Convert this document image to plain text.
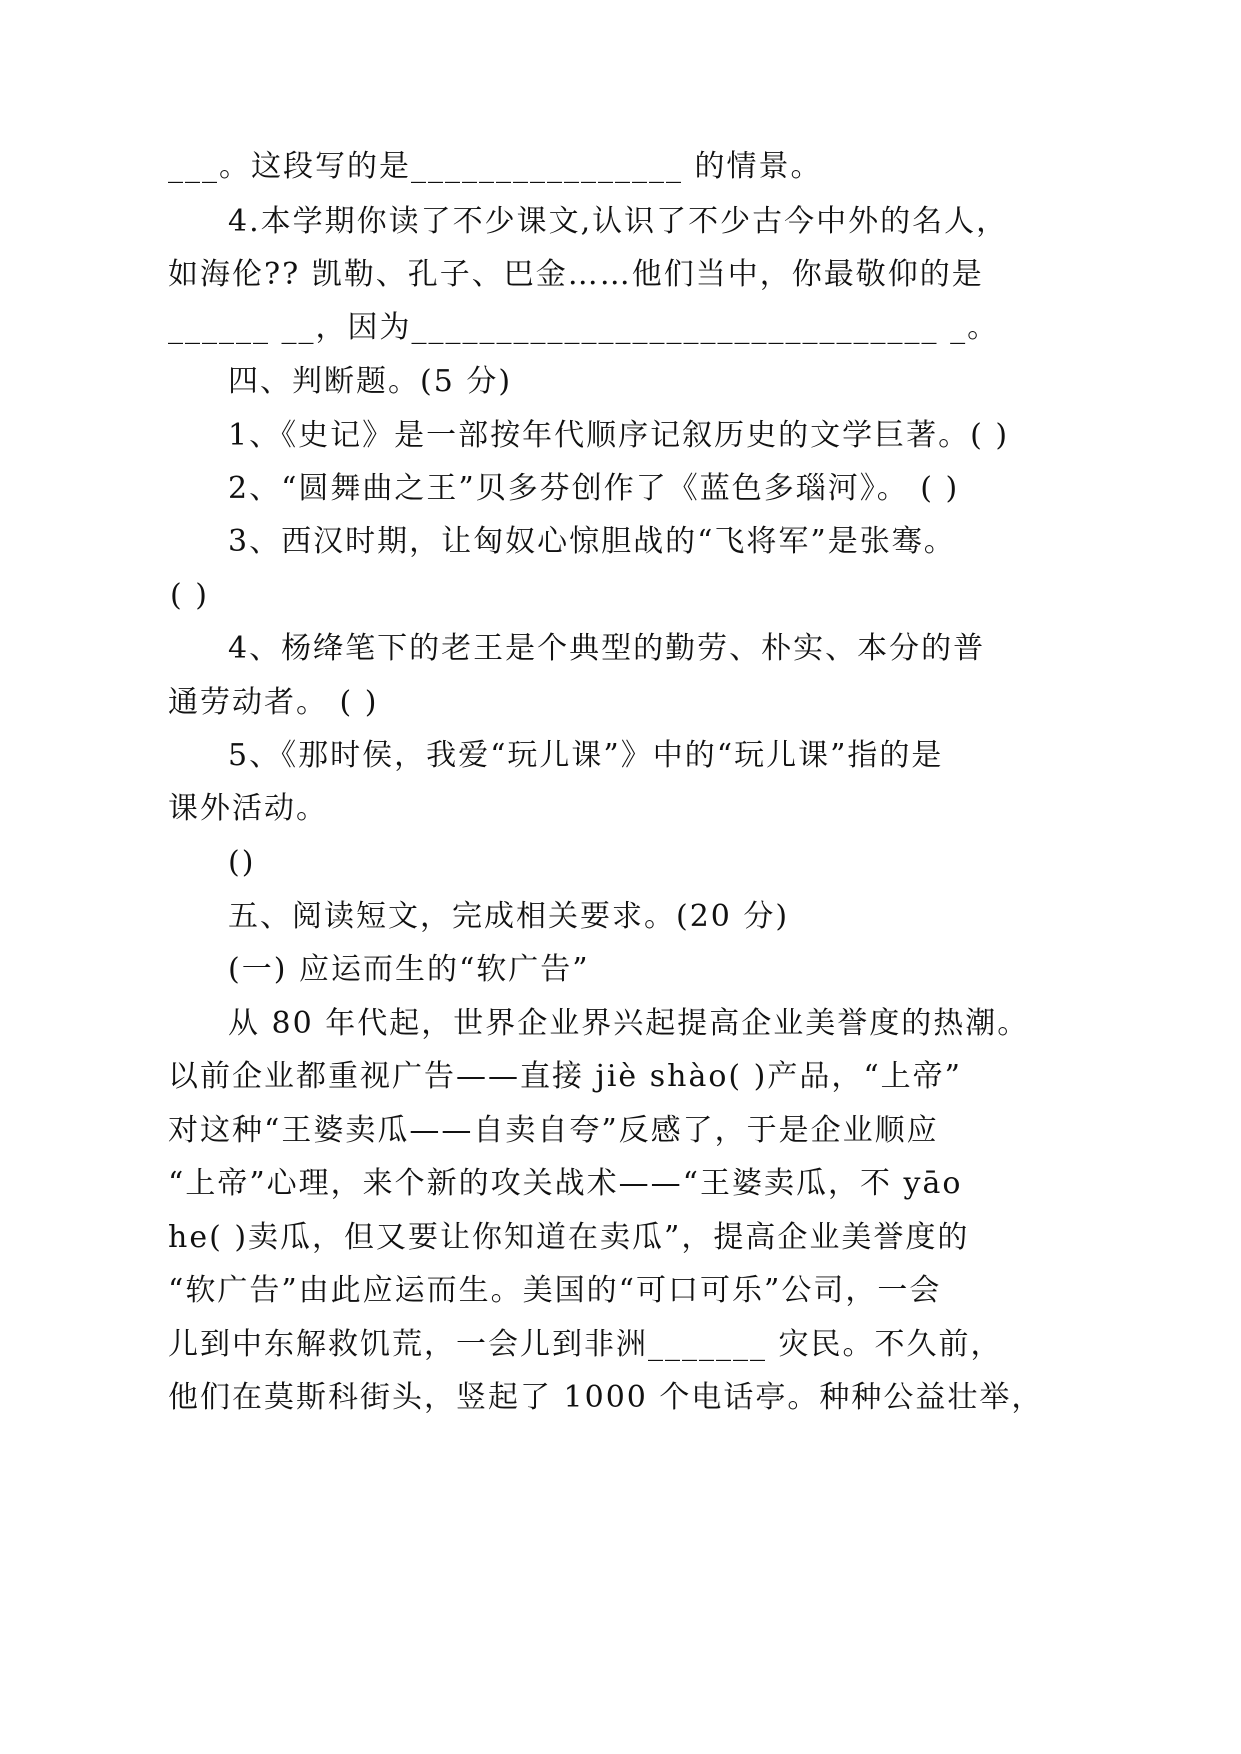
___。这段写的是________________ 的情景。
4.本学期你读了不少课文,认识了不少古今中外的名人，
如海伦?? 凯勒、孔子、巴金……他们当中，你最敬仰的是
______ __，因为_______________________________ _。
四、判断题。(5 分)
1、《史记》是一部按年代顺序记叙历史的文学巨著。( )
2、“圆舞曲之王”贝多芬创作了《蓝色多瑙河》。 ( )
3、西汉时期，让匈奴心惊胆战的“飞将军”是张骞。
( )
4、杨绛笔下的老王是个典型的勤劳、朴实、本分的普
通劳动者。 ( )
5、《那时侯，我爱“玩儿课”》中的“玩儿课”指的是
课外活动。
()
五、阅读短文，完成相关要求。(20 分)
(一) 应运而生的“软广告”
从 80 年代起，世界企业界兴起提高企业美誉度的热潮。
以前企业都重视广告——直接 jiè shào( )产品，“上帝”
对这种“王婆卖瓜——自卖自夸”反感了，于是企业顺应
“上帝”心理，来个新的攻关战术——“王婆卖瓜，不 yāo
he( )卖瓜，但又要让你知道在卖瓜”，提高企业美誉度的
“软广告”由此应运而生。美国的“可口可乐”公司，一会
儿到中东解救饥荒，一会儿到非洲_______ 灾民。不久前，
他们在莫斯科街头，竖起了 1000 个电话亭。种种公益壮举，
